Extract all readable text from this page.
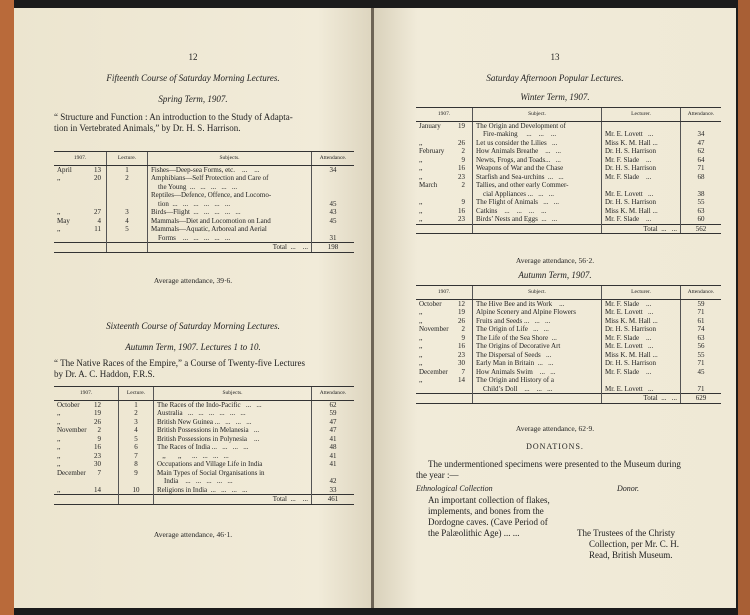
12
Fifteenth Course of Saturday Morning Lectures.
Spring Term, 1907.
“ Structure and Function : An introduction to the Study of Adapta-
tion in Vertebrated Animals,” by Dr. H. S. Harrison.
1907.	Lecture.	Subjects.	Attendance.
April 13	1	Fishes—Deep-sea Forms, etc.    ...    ...	34
,, 20	2	Amphibians—Self Protection and Care of	
		the Young  ...   ...   ...   ...   ...	
		Reptiles—Defence, Offence, and Locomo-	
		tion  ...   ...   ...   ...   ...   ...	45
,, 27	3	Birds—Flight  ...   ...   ...   ...   ...	43
May 4	4	Mammals—Diet and Locomotion on Land	45
,, 11	5	Mammals—Aquatic, Arboreal and Aerial	
		Forms    ...   ...   ...   ...   ...	31
		Total  ...    ...	198
Average attendance, 39·6.
Sixteenth Course of Saturday Morning Lectures.
Autumn Term, 1907. Lectures 1 to 10.
“ The Native Races of the Empire,” a Course of Twenty-five Lectures
by Dr. A. C. Haddon, F.R.S.
1907.	Lecture.	Subjects.	Attendance.
October 12	1	The Races of the Indo-Pacific   ...   ...	62
,, 19	2	Australia   ...   ...   ...   ...   ...   ...	59
,, 26	3	British New Guinea ...   ...   ...   ...	47
November 2	4	British Possessions in Melanesia   ...	47
,, 9	5	British Possessions in Polynesia    ...	41
,, 16	6	The Races of India ...   ...   ...   ...	48
,, 23	7	,,       ,,      ...   ...   ...   ...	41
,, 30	8	Occupations and Village Life in India	41
December 7	9	Main Types of Social Organisations in	
		India    ...   ...   ...   ...   ...	42
,, 14	10	Religions in India  ...   ...   ...   ...	33
		Total  ...    ...	461
Average attendance, 46·1.
13
Saturday Afternoon Popular Lectures.
Winter Term, 1907.
1907.	Subject.	Lecturer.	Attendance.
January 19	The Origin and Development of		
	Fire-making     ...    ...    ...	Mr. E. Lovett   ...	34
,, 26	Let us consider the Lilies   ...	Miss K. M. Hall ...	47
February 2	How Animals Breathe    ...   ...	Dr. H. S. Harrison	62
,, 9	Newts, Frogs, and Toads...   ...	Mr. F. Slade    ...	64
,, 16	Weapons of War and the Chase	Dr. H. S. Harrison	71
,, 23	Starfish and Sea-urchins  ...   ...	Mr. F. Slade    ...	68
March 2	Tallies, and other early Commer-		
	cial Appliances ...   ...   ...	Mr. E. Lovett   ...	38
,, 9	The Flight of Animals   ...   ...	Dr. H. S. Harrison	55
,, 16	Catkins    ...    ...    ...    ...	Miss K. M. Hall ...	63
,, 23	Birds’ Nests and Eggs  ...   ...	Mr. F. Slade    ...	60
		Total  ...   ...	562
Average attendance, 56·2.
Autumn Term, 1907.
1907.	Subject.	Lecturer.	Attendance.
October 12	The Hive Bee and its Work    ...	Mr. F. Slade    ...	59
,, 19	Alpine Scenery and Alpine Flowers	Mr. E. Lovett   ...	71
,, 26	Fruits and Seeds ...   ...   ...	Miss K. M. Hall ...	61
November 2	The Origin of Life   ...   ...	Dr. H. S. Harrison	74
,, 9	The Life of the Sea Shore  ...	Mr. F. Slade    ...	63
,, 16	The Origins of Decorative Art	Mr. E. Lovett   ...	56
,, 23	The Dispersal of Seeds   ...	Miss K. M. Hall ...	55
,, 30	Early Man in Britain  ...   ...	Dr. H. S. Harrison	71
December 7	How Animals Swim    ...   ...	Mr. F. Slade    ...	45
,, 14	The Origin and History of a		
	Child’s Doll    ...    ...   ...	Mr. E. Lovett   ...	71
		Total  ...   ...	629
Average attendance, 62·9.
DONATIONS.
The undermentioned specimens were presented to the Museum during
the year :—
Ethnological Collection	Donor.
An important collection of flakes,
implements, and bones from the
Dordogne caves. (Cave Period of
the Palæolithic Age) ... ...	The Trustees of the Christy
Collection, per Mr. C. H.
Read, British Museum.
